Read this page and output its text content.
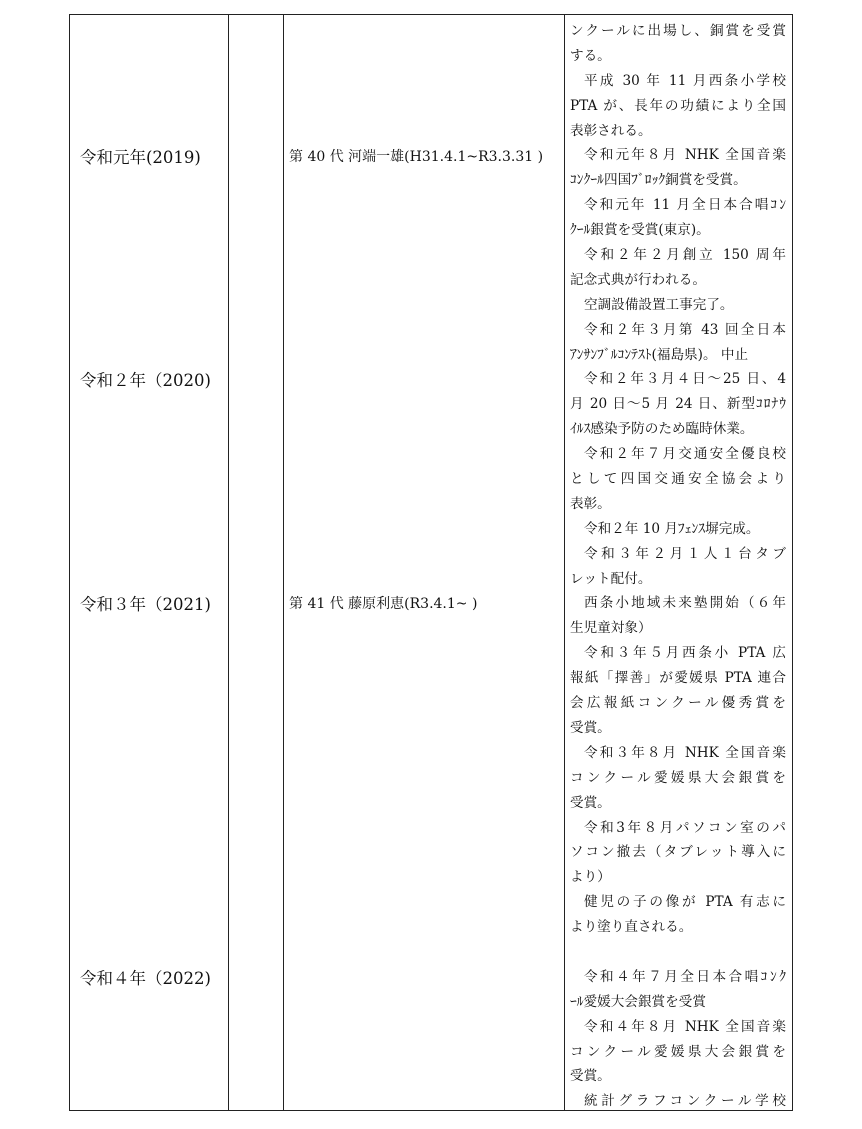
令和元年(2019)
令和２年（2020)
令和３年（2021)
令和４年（2022)
第 40 代 河端一雄(H31.4.1~R3.3.31 )
第 41 代 藤原利恵(R3.4.1~ )
ンクールに出場し、銅賞を受賞
する。
平成 30 年 11 月西条小学校
PTA が、長年の功績により全国
表彰される。
令和元年８月 NHK 全国音楽
ｺﾝｸｰﾙ四国ﾌﾞﾛｯｸ銅賞を受賞。
令和元年 11 月全日本合唱ｺﾝ
ｸｰﾙ銀賞を受賞(東京)。
令和２年２月創立 150 周年
記念式典が行われる。
空調設備設置工事完了。
令和２年３月第 43 回全日本
ｱﾝｻﾝﾌﾞﾙｺﾝﾃｽﾄ(福島県)。 中止
令和２年３月４日～25 日、4
月 20 日～5 月 24 日、新型ｺﾛﾅｳ
ｲﾙｽ感染予防のため臨時休業。
令和２年７月交通安全優良校
として四国交通安全協会より
表彰。
令和２年 10 月ﾌｪﾝｽ塀完成。
令和３年２月１人１台タブ
レット配付。
西条小地域未来塾開始（６年
生児童対象）
令和３年５月西条小 PTA 広
報紙「擇善」が愛媛県 PTA 連合
会広報紙コンクール優秀賞を
受賞。
令和３年８月 NHK 全国音楽
コンクール愛媛県大会銀賞を
受賞。
令和3年８月パソコン室のパ
ソコン撤去（タブレット導入に
より）
健児の子の像が PTA 有志に
より塗り直される。
令和４年７月全日本合唱ｺﾝｸ
ｰﾙ愛媛大会銀賞を受賞
令和４年８月 NHK 全国音楽
コンクール愛媛県大会銀賞を
受賞。
統計グラフコンクール学校
